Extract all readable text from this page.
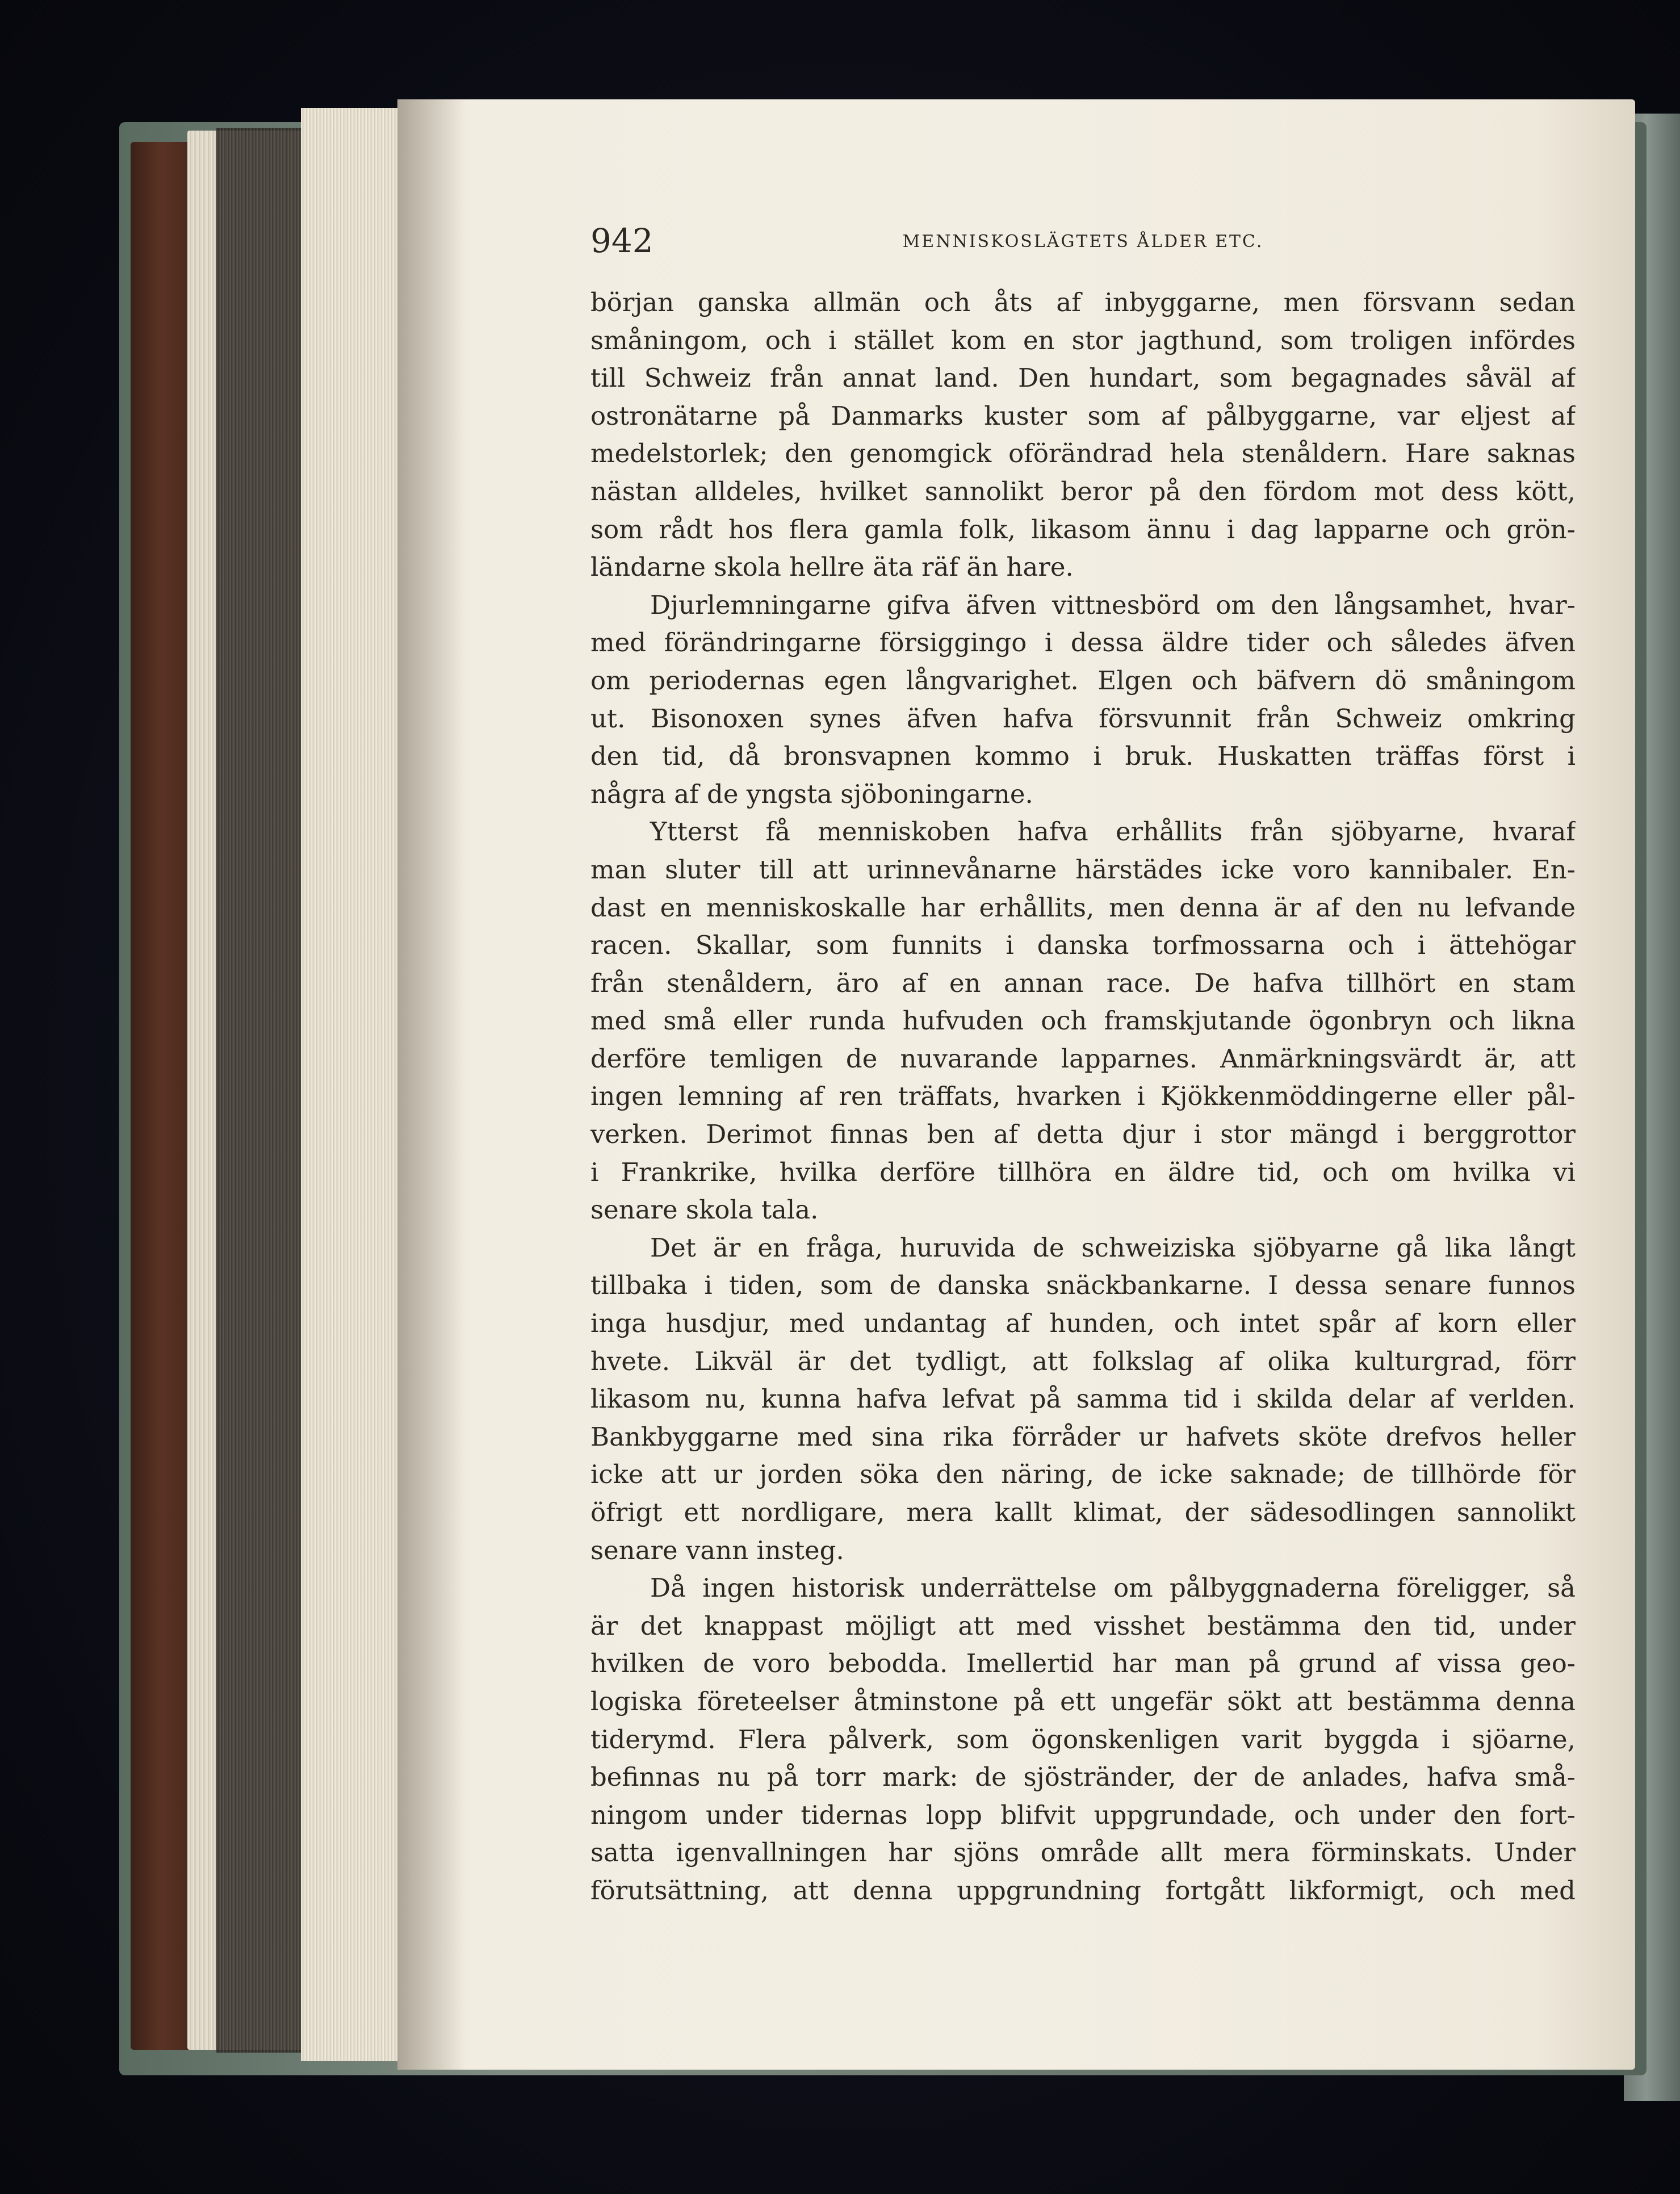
942	MENNISKOSLÄGTETS ÅLDER ETC.
början ganska allmän och åts af inbyggarne, men försvann sedan
småningom, och i stället kom en stor jagthund, som troligen infördes
till Schweiz från annat land. Den hundart, som begagnades såväl af
ostronätarne på Danmarks kuster som af pålbyggarne, var eljest af
medelstorlek; den genomgick oförändrad hela stenåldern. Hare saknas
nästan alldeles, hvilket sannolikt beror på den fördom mot dess kött,
som rådt hos flera gamla folk, likasom ännu i dag lapparne och grön-
ländarne skola hellre äta räf än hare.
Djurlemningarne gifva äfven vittnesbörd om den långsamhet, hvar-
med förändringarne försiggingo i dessa äldre tider och således äfven
om periodernas egen långvarighet. Elgen och bäfvern dö småningom
ut. Bisonoxen synes äfven hafva försvunnit från Schweiz omkring
den tid, då bronsvapnen kommo i bruk. Huskatten träffas först i
några af de yngsta sjöboningarne.
Ytterst få menniskoben hafva erhållits från sjöbyarne, hvaraf
man sluter till att urinnevånarne härstädes icke voro kannibaler. En-
dast en menniskoskalle har erhållits, men denna är af den nu lefvande
racen. Skallar, som funnits i danska torfmossarna och i ättehögar
från stenåldern, äro af en annan race. De hafva tillhört en stam
med små eller runda hufvuden och framskjutande ögonbryn och likna
derföre temligen de nuvarande lapparnes. Anmärkningsvärdt är, att
ingen lemning af ren träffats, hvarken i Kjökkenmöddingerne eller pål-
verken. Derimot finnas ben af detta djur i stor mängd i berggrottor
i Frankrike, hvilka derföre tillhöra en äldre tid, och om hvilka vi
senare skola tala.
Det är en fråga, huruvida de schweiziska sjöbyarne gå lika långt
tillbaka i tiden, som de danska snäckbankarne. I dessa senare funnos
inga husdjur, med undantag af hunden, och intet spår af korn eller
hvete. Likväl är det tydligt, att folkslag af olika kulturgrad, förr
likasom nu, kunna hafva lefvat på samma tid i skilda delar af verlden.
Bankbyggarne med sina rika förråder ur hafvets sköte drefvos heller
icke att ur jorden söka den näring, de icke saknade; de tillhörde för
öfrigt ett nordligare, mera kallt klimat, der sädesodlingen sannolikt
senare vann insteg.
Då ingen historisk underrättelse om pålbyggnaderna föreligger, så
är det knappast möjligt att med visshet bestämma den tid, under
hvilken de voro bebodda. Imellertid har man på grund af vissa geo-
logiska företeelser åtminstone på ett ungefär sökt att bestämma denna
tiderymd. Flera pålverk, som ögonskenligen varit byggda i sjöarne,
befinnas nu på torr mark: de sjöstränder, der de anlades, hafva små-
ningom under tidernas lopp blifvit uppgrundade, och under den fort-
satta igenvallningen har sjöns område allt mera förminskats. Under
förutsättning, att denna uppgrundning fortgått likformigt, och med
